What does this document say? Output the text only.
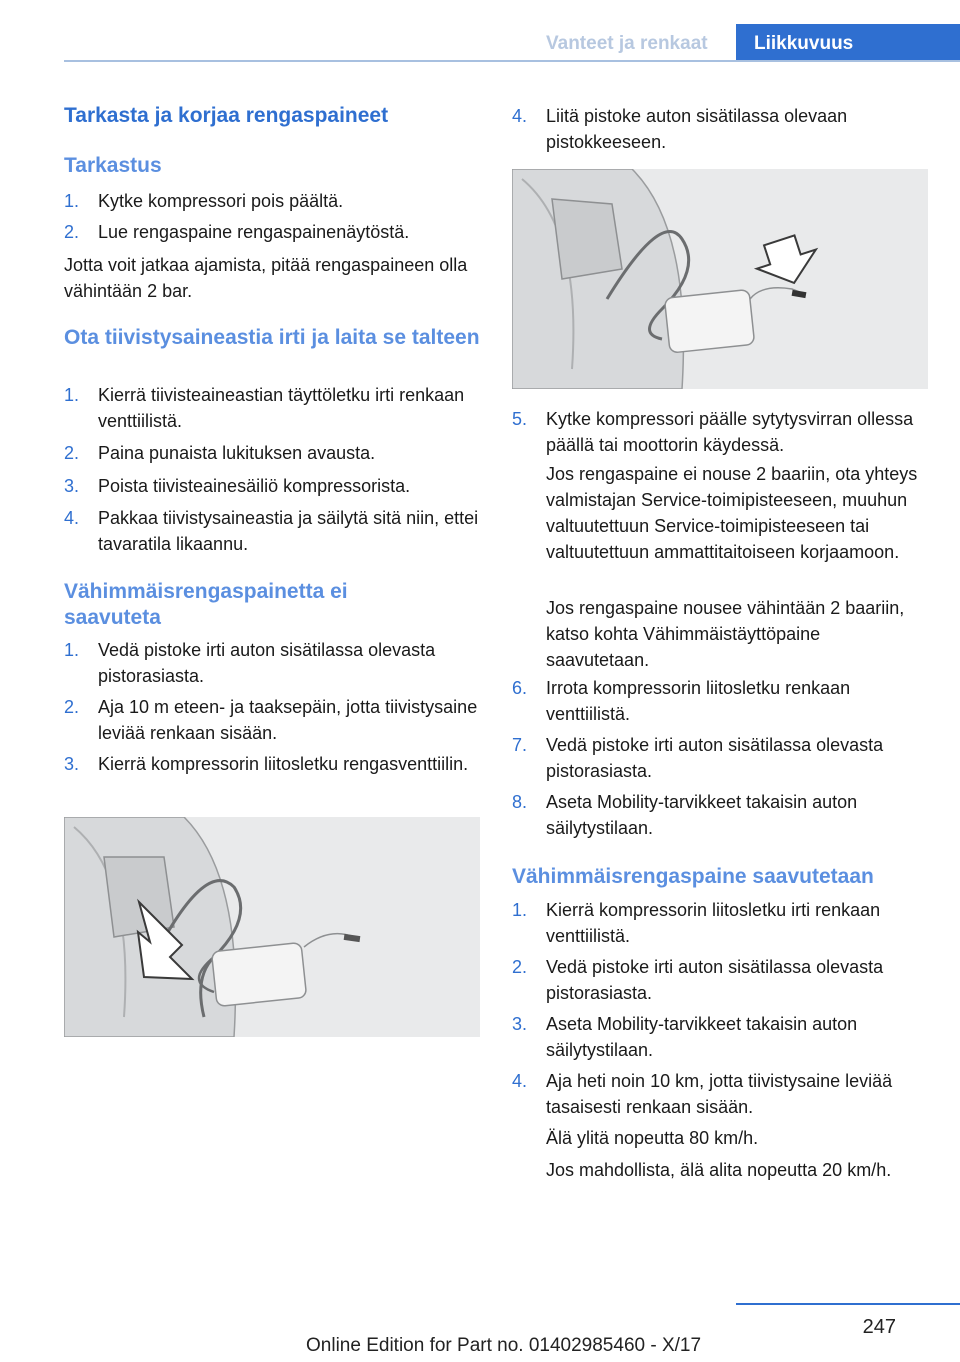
Vanteet ja renkaat	Liikkuvuus
Tarkasta ja korjaa rengaspaineet
Tarkastus
1. Kytke kompressori pois päältä.
2. Lue rengaspaine rengaspainenäytöstä.
Jotta voit jatkaa ajamista, pitää rengaspaineen olla vähintään 2 bar.
Ota tiivistysaineastia irti ja laita se talteen
1. Kierrä tiivisteaineastian täyttöletku irti renkaan venttiilistä.
2. Paina punaista lukituksen avausta.
3. Poista tiivisteainesäiliö kompressorista.
4. Pakkaa tiivistysaineastia ja säilytä sitä niin, ettei tavaratila likaannu.
Vähimmäisrengaspainetta ei saavuteta
1. Vedä pistoke irti auton sisätilassa olevasta pistorasiasta.
2. Aja 10 m eteen- ja taaksepäin, jotta tiivistysaine leviää renkaan sisään.
3. Kierrä kompressorin liitosletku rengasventtiilin.
4. Liitä pistoke auton sisätilassa olevaan pistokkeeseen.
5. Kytke kompressori päälle sytytysvirran ollessa päällä tai moottorin käydessä.
Jos rengaspaine ei nouse 2 baariin, ota yhteys valmistajan Service-toimipisteeseen, muuhun valtuutettuun Service-toimipisteeseen tai valtuutettuun ammattitaitoiseen korjaamoon.
Jos rengaspaine nousee vähintään 2 baariin, katso kohta Vähimmäistäyttöpaine saavutetaan.
6. Irrota kompressorin liitosletku renkaan venttiilistä.
7. Vedä pistoke irti auton sisätilassa olevasta pistorasiasta.
8. Aseta Mobility-tarvikkeet takaisin auton säilytystilaan.
Vähimmäisrengaspaine saavutetaan
1. Kierrä kompressorin liitosletku irti renkaan venttiilistä.
2. Vedä pistoke irti auton sisätilassa olevasta pistorasiasta.
3. Aseta Mobility-tarvikkeet takaisin auton säilytystilaan.
4. Aja heti noin 10 km, jotta tiivistysaine leviää tasaisesti renkaan sisään.
Älä ylitä nopeutta 80 km/h.
Jos mahdollista, älä alita nopeutta 20 km/h.
247
Online Edition for Part no. 01402985460 - X/17
